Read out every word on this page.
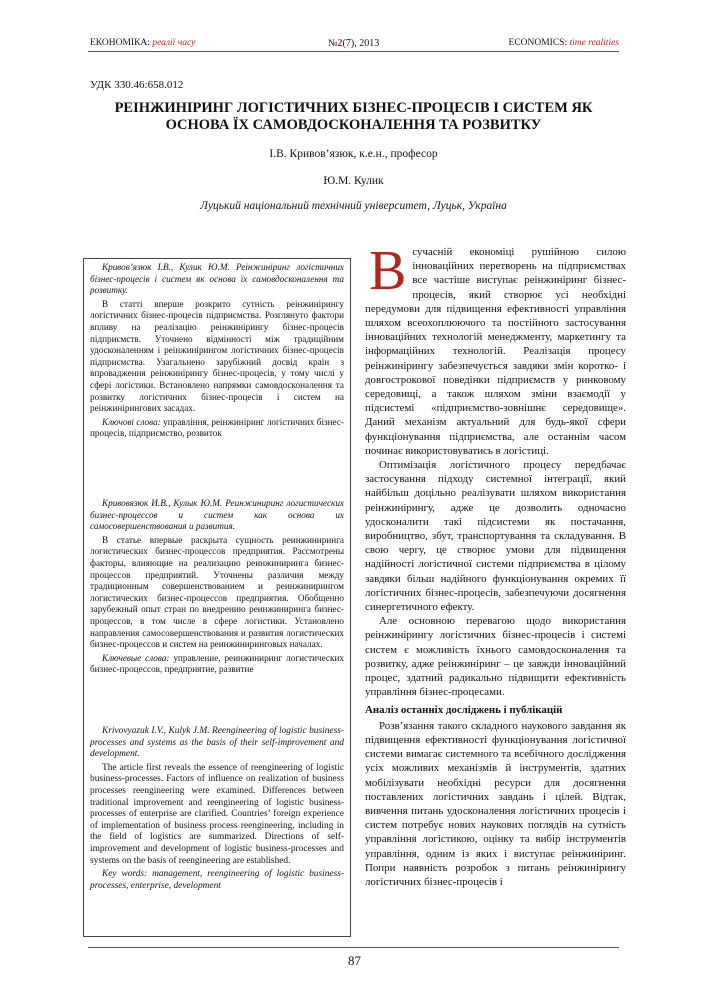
ЕКОНОМІКА: реалії часу	№2(7), 2013	ECONOMICS: time realities
УДК 330.46:658.012
РЕІНЖИНІРИНГ ЛОГІСТИЧНИХ БІЗНЕС-ПРОЦЕСІВ І СИСТЕМ ЯК ОСНОВА ЇХ САМОВДОСКОНАЛЕННЯ ТА РОЗВИТКУ
І.В. Кривов’язюк, к.е.н., професор
Ю.М. Кулик
Луцький національний технічний університет, Луцьк, Україна

Кривов’язюк І.В., Кулик Ю.М. Реінжиніринг логістичних бізнес-процесів і систем як основа їх самовдосконалення та розвитку.

В статті вперше розкрито сутність реінжинірингу логістичних бізнес-процесів підприємства. Розглянуто фактори впливу на реалізацію реінжинірингу бізнес-процесів підприємств. Уточнено відмінності між традиційним удосконаленням і реінжинірингом логістичних бізнес-процесів підприємства. Узагальнено зарубіжний досвід країн з впровадження реінжинірингу бізнес-процесів, у тому числі у сфері логістики. Встановлено напрямки самовдосконалення та розвитку логістичних бізнес-процесів і систем на реінжинірингових засадах.

Ключові слова: управління, реінжиніринг логістичних бізнес-процесів, підприємство, розвиток

Кривовязюк И.В., Кулык Ю.М. Реинжиниринг логистических бизнес-процессов и систем как основа их самосовершенствования и развития.

В статье впервые раскрыта сущность реинжиниринга логистических бизнес-процессов предприятия. Рассмотрены факторы, влияющие на реализацию реинжиниринга бизнес-процессов предприятий. Уточнены различия между традиционным совершенствованием и реинжинирингом логистических бизнес-процессов предприятия. Обобщенно зарубежный опыт стран по внедрению реинжиниринга бизнес-процессов, в том числе в сфере логистики. Установлено направления самосовершенствования и развития логистических бизнес-процессов и систем на реинжиниринговых началах.

Ключевые слова: управление, реинжиниринг логистических бизнес-процессов, предприятие, развитие

Krivovyazuk I.V., Kulyk J.M. Reengineering of logistic business-processes and systems as the basis of their self-improvement and development.

The article first reveals the essence of reengineering of logistic business-processes. Factors of influence on realization of business processes reengineering were examined. Differences between traditional improvement and reengineering of logistic business-processes of enterprise are clarified. Countries’ foreign experience of implementation of business process reengineering, including in the field of logistics are summarized. Directions of self-improvement and development of logistic business-processes and systems on the basis of reengineering are established.

Key words: management, reengineering of logistic business-processes, enterprise, development

Всучасній економіці рушійною силою інноваційних перетворень на підприємствах все частіше виступає реінжиніринг бізнес-процесів, який створює усі необхідні передумови для підвищення ефективності управління шляхом всеохоплюючого та постійного застосування інноваційних технологій менеджменту, маркетингу та інформаційних технологій. Реалізація процесу реінжинірингу забезпечується завдяки змін коротко- і довгострокової поведінки підприємств у ринковому середовищі, а також шляхом зміни взаємодії у підсистемі «підприємство-зовнішнє середовище». Даний механізм актуальний для будь-якої сфери функціонування підприємства, але останнім часом починає використовуватись в логістиці.

Оптимізація логістичного процесу передбачає застосування підходу системної інтеграції, який найбільш доцільно реалізувати шляхом використання реінжинірингу, адже це дозволить одночасно удосконалити такі підсистеми як постачання, виробництво, збут, транспортування та складування. В свою чергу, це створює умови для підвищення надійності логістичної системи підприємства в цілому завдяки більш надійного функціонування окремих її логістичних бізнес-процесів, забезпечуючи досягнення синергетичного ефекту.

Але основною перевагою щодо використання реінжинірингу логістичних бізнес-процесів і системі систем є можливість їхнього самовдосконалення та розвитку, адже реінжиніринг – це завжди інноваційний процес, здатний радикально підвищити ефективність управління бізнес-процесами.

Аналіз останніх досліджень і публікацій

Розв’язання такого складного наукового завдання як підвищення ефективності функціонування логістичної системи вимагає системного та всебічного дослідження усіх можливих механізмів й інструментів, здатних мобілізувати необхідні ресурси для досягнення поставлених логістичних завдань і цілей. Відтак, вивчення питань удосконалення логістичних процесів і систем потребує нових наукових поглядів на сутність управління логістикою, оцінку та вибір інструментів управління, одним із яких і виступає реінжиніринг. Попри наявність розробок з питань реінжинірингу логістичних бізнес-процесів і

87
